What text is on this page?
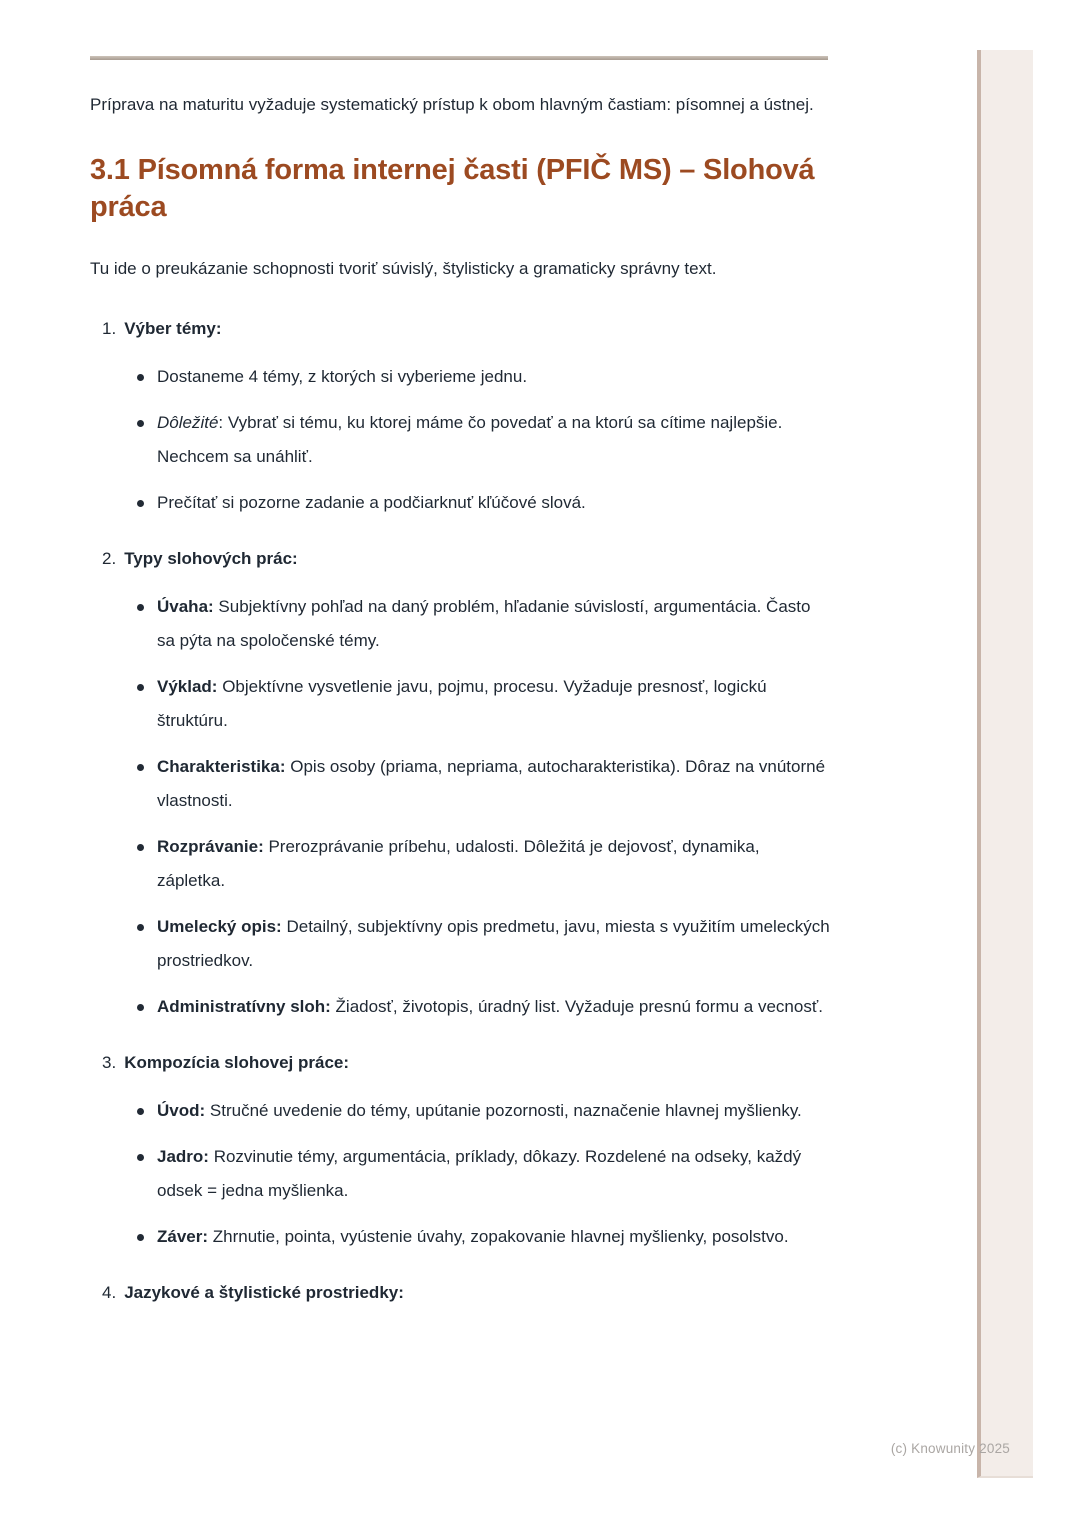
Príprava na maturitu vyžaduje systematický prístup k obom hlavným častiam: písomnej a ústnej.

3.1 Písomná forma internej časti (PFIČ MS) – Slohová práca

Tu ide o preukázanie schopnosti tvoriť súvislý, štylisticky a gramaticky správny text.

1. Výber témy:

Dostaneme 4 témy, z ktorých si vyberieme jednu.

Dôležité: Vybrať si tému, ku ktorej máme čo povedať a na ktorú sa cítime najlepšie. Nechcem sa unáhliť.

Prečítať si pozorne zadanie a podčiarknuť kľúčové slová.

2. Typy slohových prác:

Úvaha: Subjektívny pohľad na daný problém, hľadanie súvislostí, argumentácia. Často sa pýta na spoločenské témy.

Výklad: Objektívne vysvetlenie javu, pojmu, procesu. Vyžaduje presnosť, logickú štruktúru.

Charakteristika: Opis osoby (priama, nepriama, autocharakteristika). Dôraz na vnútorné vlastnosti.

Rozprávanie: Prerozprávanie príbehu, udalosti. Dôležitá je dejovosť, dynamika, zápletka.

Umelecký opis: Detailný, subjektívny opis predmetu, javu, miesta s využitím umeleckých prostriedkov.

Administratívny sloh: Žiadosť, životopis, úradný list. Vyžaduje presnú formu a vecnosť.

3. Kompozícia slohovej práce:

Úvod: Stručné uvedenie do témy, upútanie pozornosti, naznačenie hlavnej myšlienky.

Jadro: Rozvinutie témy, argumentácia, príklady, dôkazy. Rozdelené na odseky, každý odsek = jedna myšlienka.

Záver: Zhrnutie, pointa, vyústenie úvahy, zopakovanie hlavnej myšlienky, posolstvo.

4. Jazykové a štylistické prostriedky:
(c) Knowunity 2025
